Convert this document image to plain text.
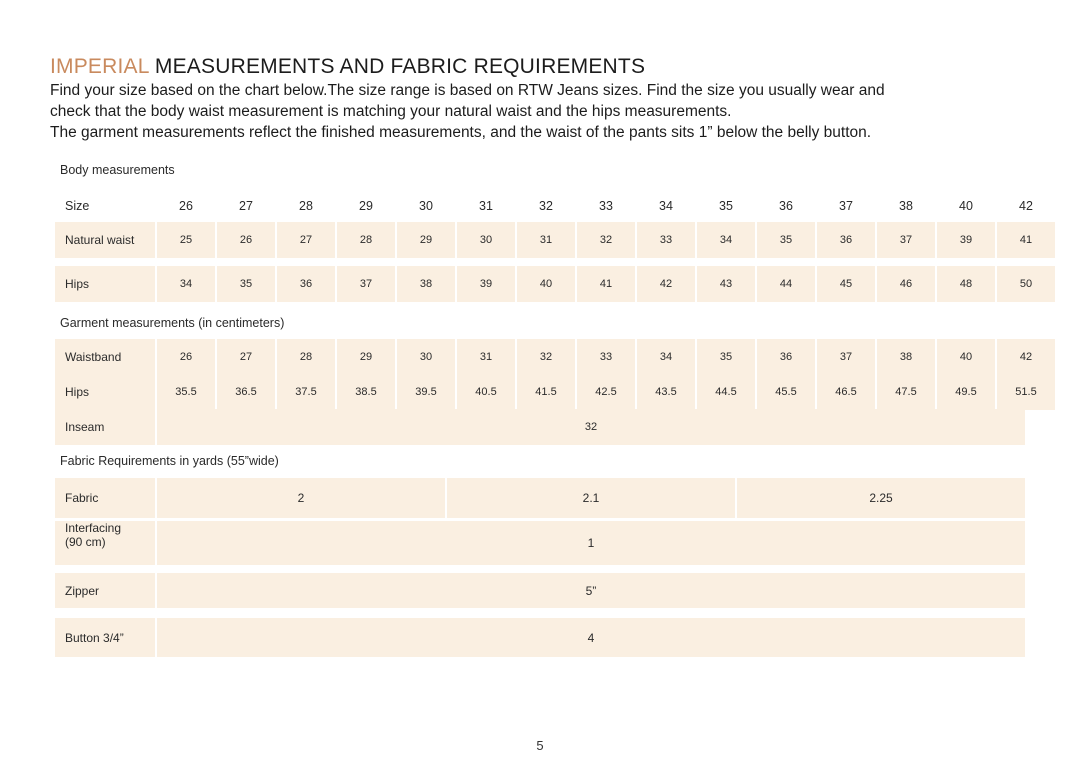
IMPERIAL MEASUREMENTS AND FABRIC REQUIREMENTS
Find your size based on the chart below.The size range is based on RTW Jeans sizes. Find the size you usually wear and
check that the body waist measurement is matching your natural waist and the hips measurements.
The garment measurements reflect the finished measurements, and the waist of the pants sits 1” below the belly button.
Body measurements
Size	26	27	28	29	30	31	32	33	34	35	36	37	38	40	42
Natural waist	25	26	27	28	29	30	31	32	33	34	35	36	37	39	41
Hips	34	35	36	37	38	39	40	41	42	43	44	45	46	48	50
Garment measurements (in centimeters)
Waistband	26	27	28	29	30	31	32	33	34	35	36	37	38	40	42
Hips	35.5	36.5	37.5	38.5	39.5	40.5	41.5	42.5	43.5	44.5	45.5	46.5	47.5	49.5	51.5
Inseam	32
Fabric Requirements in yards (55”wide)
Fabric	2	2.1	2.25
Interfacing
(90 cm)	1
Zipper	5”
Button 3/4”	4
5
